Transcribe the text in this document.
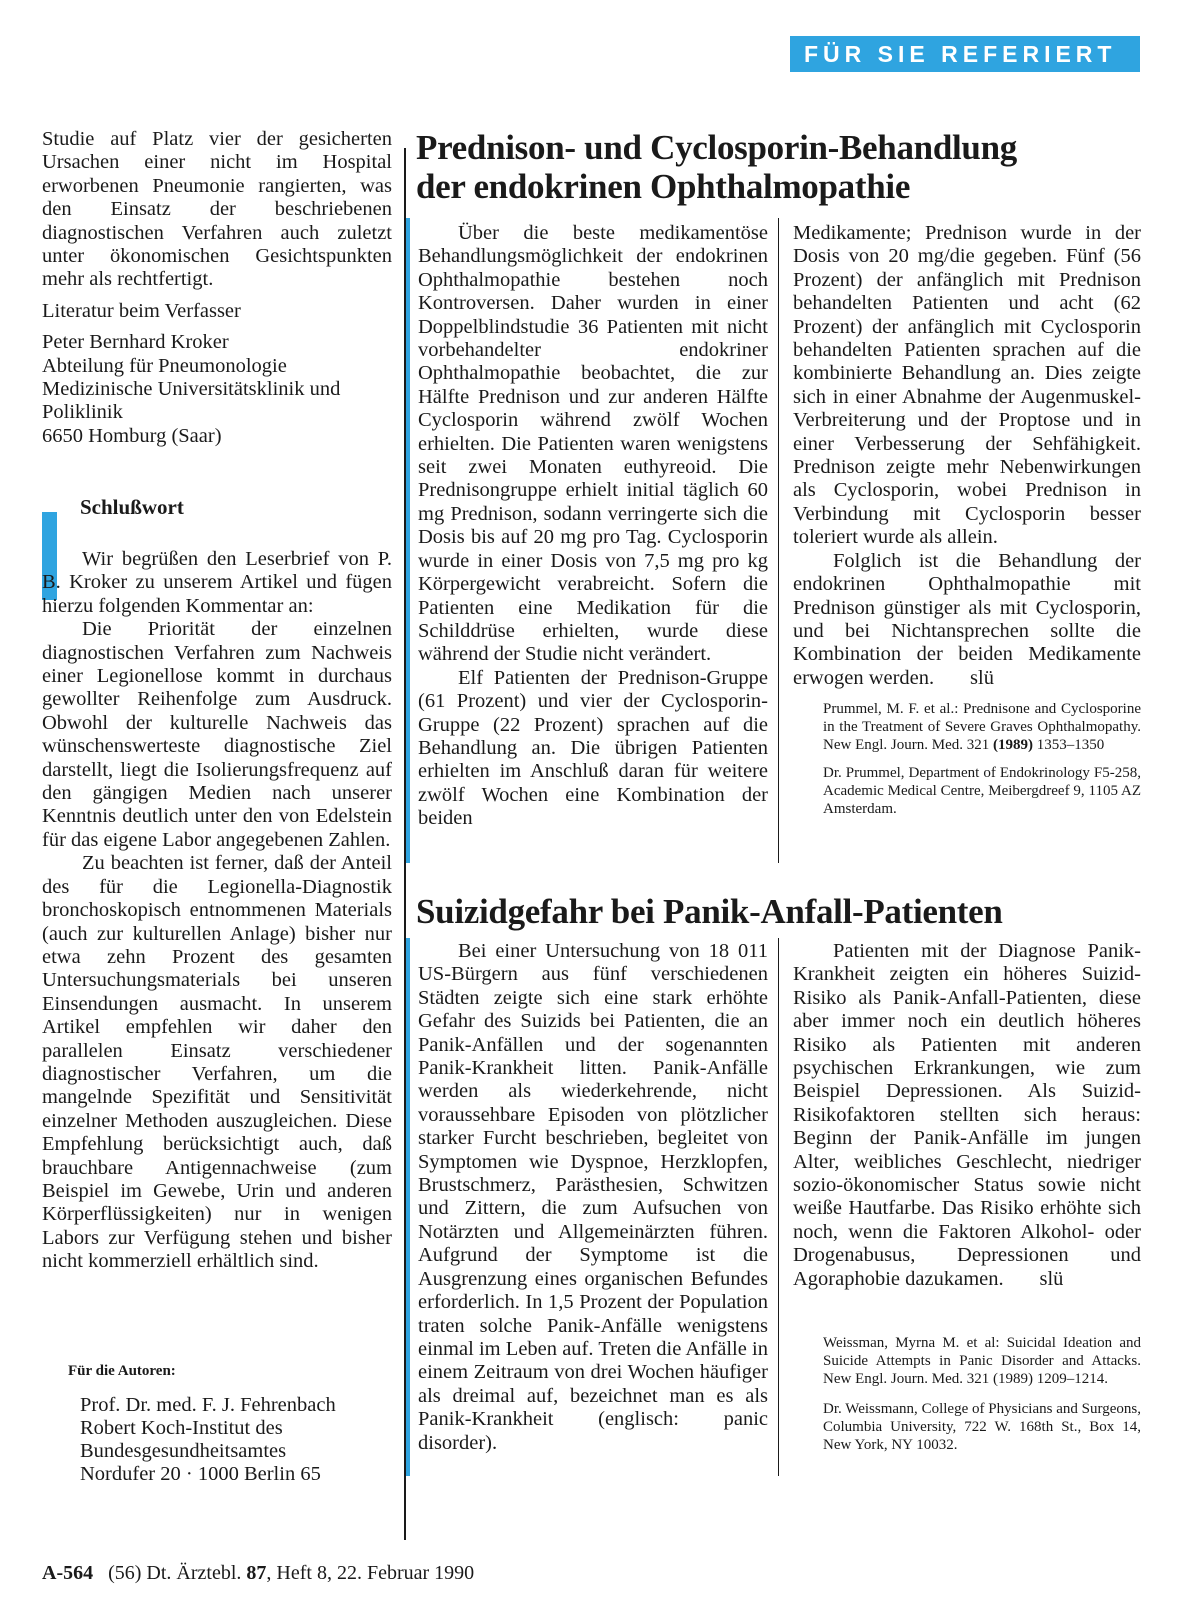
FÜR SIE REFERIERT

Studie auf Platz vier der gesicherten Ursachen einer nicht im Hospital erworbenen Pneumonie rangierten, was den Einsatz der beschriebenen diagnostischen Verfahren auch zuletzt unter ökonomischen Gesichtspunkten mehr als rechtfertigt.

Literatur beim Verfasser

Peter Bernhard Kroker
Abteilung für Pneumonologie
Medizinische Universitätsklinik und
Poliklinik
6650 Homburg (Saar)

Schlußwort

Wir begrüßen den Leserbrief von P. B. Kroker zu unserem Artikel und fügen hierzu folgenden Kommentar an:

Die Priorität der einzelnen diagnostischen Verfahren zum Nachweis einer Legionellose kommt in durchaus gewollter Reihenfolge zum Ausdruck. Obwohl der kulturelle Nachweis das wünschenswerteste diagnostische Ziel darstellt, liegt die Isolierungsfrequenz auf den gängigen Medien nach unserer Kenntnis deutlich unter den von Edelstein für das eigene Labor angegebenen Zahlen.

Zu beachten ist ferner, daß der Anteil des für die Legionella-Diagnostik bronchoskopisch entnommenen Materials (auch zur kulturellen Anlage) bisher nur etwa zehn Prozent des gesamten Untersuchungsmaterials bei unseren Einsendungen ausmacht. In unserem Artikel empfehlen wir daher den parallelen Einsatz verschiedener diagnostischer Verfahren, um die mangelnde Spezifität und Sensitivität einzelner Methoden auszugleichen. Diese Empfehlung berücksichtigt auch, daß brauchbare Antigennachweise (zum Beispiel im Gewebe, Urin und anderen Körperflüssigkeiten) nur in wenigen Labors zur Verfügung stehen und bisher nicht kommerziell erhältlich sind.

Für die Autoren:

Prof. Dr. med. F. J. Fehrenbach
Robert Koch-Institut des
Bundesgesundheitsamtes
Nordufer 20 · 1000 Berlin 65

Prednison- und Cyclosporin-Behandlung

der endokrinen Ophthalmopathie

Über die beste medikamentöse Behandlungsmöglichkeit der endokrinen Ophthalmopathie bestehen noch Kontroversen. Daher wurden in einer Doppelblindstudie 36 Patienten mit nicht vorbehandelter endokriner Ophthalmopathie beobachtet, die zur Hälfte Prednison und zur anderen Hälfte Cyclosporin während zwölf Wochen erhielten. Die Patienten waren wenigstens seit zwei Monaten euthyreoid. Die Prednisongruppe erhielt initial täglich 60 mg Prednison, sodann verringerte sich die Dosis bis auf 20 mg pro Tag. Cyclosporin wurde in einer Dosis von 7,5 mg pro kg Körpergewicht verabreicht. Sofern die Patienten eine Medikation für die Schilddrüse erhielten, wurde diese während der Studie nicht verändert.

Elf Patienten der Prednison-Gruppe (61 Prozent) und vier der Cyclosporin-Gruppe (22 Prozent) sprachen auf die Behandlung an. Die übrigen Patienten erhielten im Anschluß daran für weitere zwölf Wochen eine Kombination der beiden

Medikamente; Prednison wurde in der Dosis von 20 mg/die gegeben. Fünf (56 Prozent) der anfänglich mit Prednison behandelten Patienten und acht (62 Prozent) der anfänglich mit Cyclosporin behandelten Patienten sprachen auf die kombinierte Behandlung an. Dies zeigte sich in einer Abnahme der Augenmuskel-Verbreiterung und der Proptose und in einer Verbesserung der Sehfähigkeit. Prednison zeigte mehr Nebenwirkungen als Cyclosporin, wobei Prednison in Verbindung mit Cyclosporin besser toleriert wurde als allein.

Folglich ist die Behandlung der endokrinen Ophthalmopathie mit Prednison günstiger als mit Cyclosporin, und bei Nichtansprechen sollte die Kombination der beiden Medikamente erwogen werden. slü

Prummel, M. F. et al.: Prednisone and Cyclosporine in the Treatment of Severe Graves Ophthalmopathy. New Engl. Journ. Med. 321 (1989) 1353–1350

Dr. Prummel, Department of Endokrinology F5-258, Academic Medical Centre, Meibergdreef 9, 1105 AZ Amsterdam.

Suizidgefahr bei Panik-Anfall-Patienten

Bei einer Untersuchung von 18 011 US-Bürgern aus fünf verschiedenen Städten zeigte sich eine stark erhöhte Gefahr des Suizids bei Patienten, die an Panik-Anfällen und der sogenannten Panik-Krankheit litten. Panik-Anfälle werden als wiederkehrende, nicht voraussehbare Episoden von plötzlicher starker Furcht beschrieben, begleitet von Symptomen wie Dyspnoe, Herzklopfen, Brustschmerz, Parästhesien, Schwitzen und Zittern, die zum Aufsuchen von Notärzten und Allgemeinärzten führen. Aufgrund der Symptome ist die Ausgrenzung eines organischen Befundes erforderlich. In 1,5 Prozent der Population traten solche Panik-Anfälle wenigstens einmal im Leben auf. Treten die Anfälle in einem Zeitraum von drei Wochen häufiger als dreimal auf, bezeichnet man es als Panik-Krankheit (englisch: panic disorder).

Patienten mit der Diagnose Panik-Krankheit zeigten ein höheres Suizid-Risiko als Panik-Anfall-Patienten, diese aber immer noch ein deutlich höheres Risiko als Patienten mit anderen psychischen Erkrankungen, wie zum Beispiel Depressionen. Als Suizid-Risikofaktoren stellten sich heraus: Beginn der Panik-Anfälle im jungen Alter, weibliches Geschlecht, niedriger sozio-ökonomischer Status sowie nicht weiße Hautfarbe. Das Risiko erhöhte sich noch, wenn die Faktoren Alkohol- oder Drogenabusus, Depressionen und Agoraphobie dazukamen. slü

Weissman, Myrna M. et al: Suicidal Ideation and Suicide Attempts in Panic Disorder and Attacks. New Engl. Journ. Med. 321 (1989) 1209–1214.

Dr. Weissmann, College of Physicians and Surgeons, Columbia University, 722 W. 168th St., Box 14, New York, NY 10032.

A-564 (56) Dt. Ärztebl. 87, Heft 8, 22. Februar 1990
